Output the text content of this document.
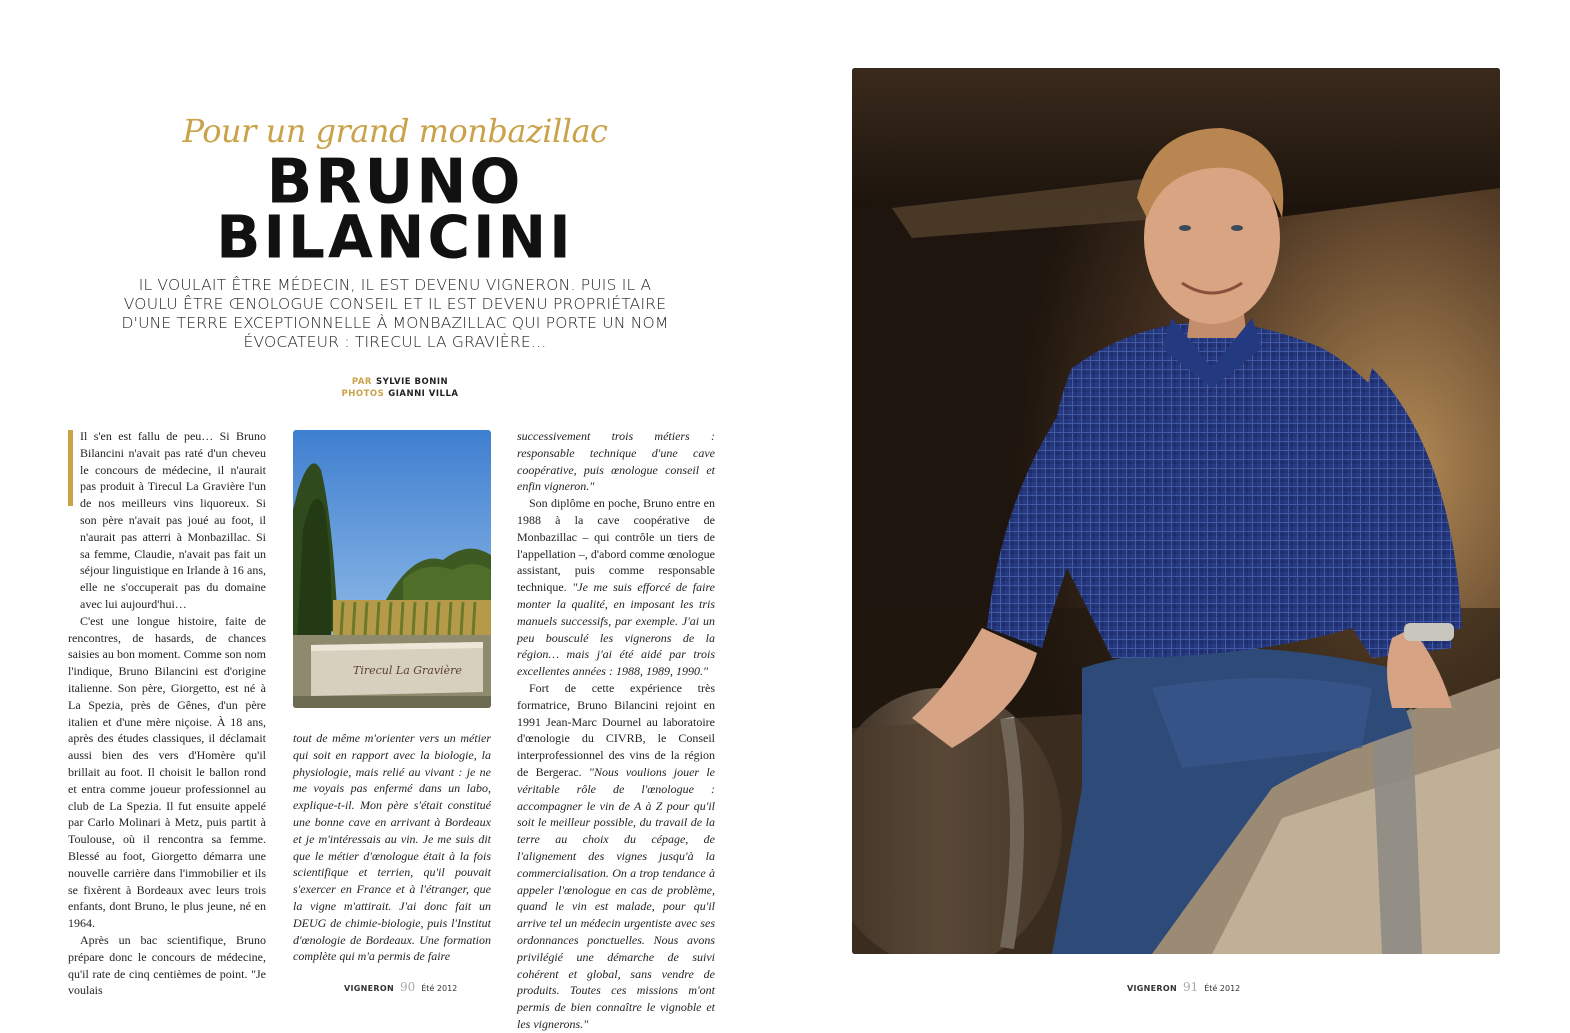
Pour un grand monbazillac
BRUNO
BILANCINI
IL VOULAIT ÊTRE MÉDECIN, IL EST DEVENU VIGNERON. PUIS IL A VOULU ÊTRE ŒNOLOGUE CONSEIL ET IL EST DEVENU PROPRIÉTAIRE D'UNE TERRE EXCEPTIONNELLE À MONBAZILLAC QUI PORTE UN NOM ÉVOCATEUR : TIRECUL LA GRAVIÈRE…
PAR SYLVIE BONIN
PHOTOS GIANNI VILLA

Il s'en est fallu de peu… Si Bruno Bilancini n'avait pas raté d'un cheveu le concours de médecine, il n'aurait pas produit à Tirecul La Gravière l'un de nos meilleurs vins liquoreux. Si son père n'avait pas joué au foot, il n'aurait pas atterri à Monbazillac. Si sa femme, Claudie, n'avait pas fait un séjour linguistique en Irlande à 16 ans, elle ne s'occuperait pas du domaine avec lui aujourd'hui…

C'est une longue histoire, faite de rencontres, de hasards, de chances saisies au bon moment. Comme son nom l'indique, Bruno Bilancini est d'origine italienne. Son père, Giorgetto, est né à La Spezia, près de Gênes, d'un père italien et d'une mère niçoise. À 18 ans, après des études classiques, il déclamait aussi bien des vers d'Homère qu'il brillait au foot. Il choisit le ballon rond et entra comme joueur professionnel au club de La Spezia. Il fut ensuite appelé par Carlo Molinari à Metz, puis partit à Toulouse, où il rencontra sa femme. Blessé au foot, Giorgetto démarra une nouvelle carrière dans l'immobilier et ils se fixèrent à Bordeaux avec leurs trois enfants, dont Bruno, le plus jeune, né en 1964.

Après un bac scientifique, Bruno prépare donc le concours de médecine, qu'il rate de cinq centièmes de point. "Je voulais

Tirecul La Gravière

tout de même m'orienter vers un métier qui soit en rapport avec la biologie, la physiologie, mais relié au vivant : je ne me voyais pas enfermé dans un labo, explique-t-il. Mon père s'était constitué une bonne cave en arrivant à Bordeaux et je m'intéressais au vin. Je me suis dit que le métier d'œnologue était à la fois scientifique et terrien, qu'il pouvait s'exercer en France et à l'étranger, que la vigne m'attirait. J'ai donc fait un DEUG de chimie-biologie, puis l'Institut d'œnologie de Bordeaux. Une formation complète qui m'a permis de faire

successivement trois métiers : responsable technique d'une cave coopérative, puis œnologue conseil et enfin vigneron."

Son diplôme en poche, Bruno entre en 1988 à la cave coopérative de Monbazillac – qui contrôle un tiers de l'appellation –, d'abord comme œnologue assistant, puis comme responsable technique. "Je me suis efforcé de faire monter la qualité, en imposant les tris manuels successifs, par exemple. J'ai un peu bousculé les vignerons de la région… mais j'ai été aidé par trois excellentes années : 1988, 1989, 1990."

Fort de cette expérience très formatrice, Bruno Bilancini rejoint en 1991 Jean-Marc Dournel au laboratoire d'œnologie du CIVRB, le Conseil interprofessionnel des vins de la région de Bergerac. "Nous voulions jouer le véritable rôle de l'œnologue : accompagner le vin de A à Z pour qu'il soit le meilleur possible, du travail de la terre au choix du cépage, de l'alignement des vignes jusqu'à la commercialisation. On a trop tendance à appeler l'œnologue en cas de problème, quand le vin est malade, pour qu'il arrive tel un médecin urgentiste avec ses ordonnances ponctuelles. Nous avons privilégié une démarche de suivi cohérent et global, sans vendre de produits. Toutes ces missions m'ont permis de bien connaître le vignoble et les vignerons."

VIGNERON 90 Été 2012	VIGNERON 91 Été 2012
